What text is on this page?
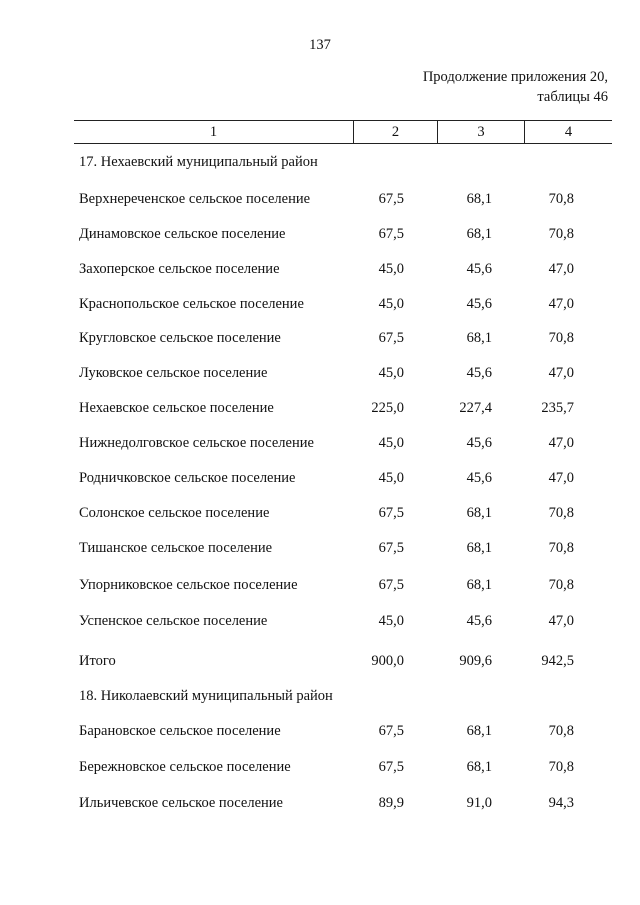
137
Продолжение приложения 20,
таблицы 46
1	2	3	4
17. Нехаевский муниципальный район
Верхнереченское сельское поселение	67,5	68,1	70,8
Динамовское сельское поселение	67,5	68,1	70,8
Захоперское сельское поселение	45,0	45,6	47,0
Краснопольское сельское поселение	45,0	45,6	47,0
Кругловское сельское поселение	67,5	68,1	70,8
Луковское сельское поселение	45,0	45,6	47,0
Нехаевское сельское поселение	225,0	227,4	235,7
Нижнедолговское сельское поселение	45,0	45,6	47,0
Родничковское сельское поселение	45,0	45,6	47,0
Солонское сельское поселение	67,5	68,1	70,8
Тишанское сельское поселение	67,5	68,1	70,8
Упорниковское сельское поселение	67,5	68,1	70,8
Успенское сельское поселение	45,0	45,6	47,0
Итого	900,0	909,6	942,5
18. Николаевский муниципальный район
Барановское сельское поселение	67,5	68,1	70,8
Бережновское сельское поселение	67,5	68,1	70,8
Ильичевское сельское поселение	89,9	91,0	94,3
